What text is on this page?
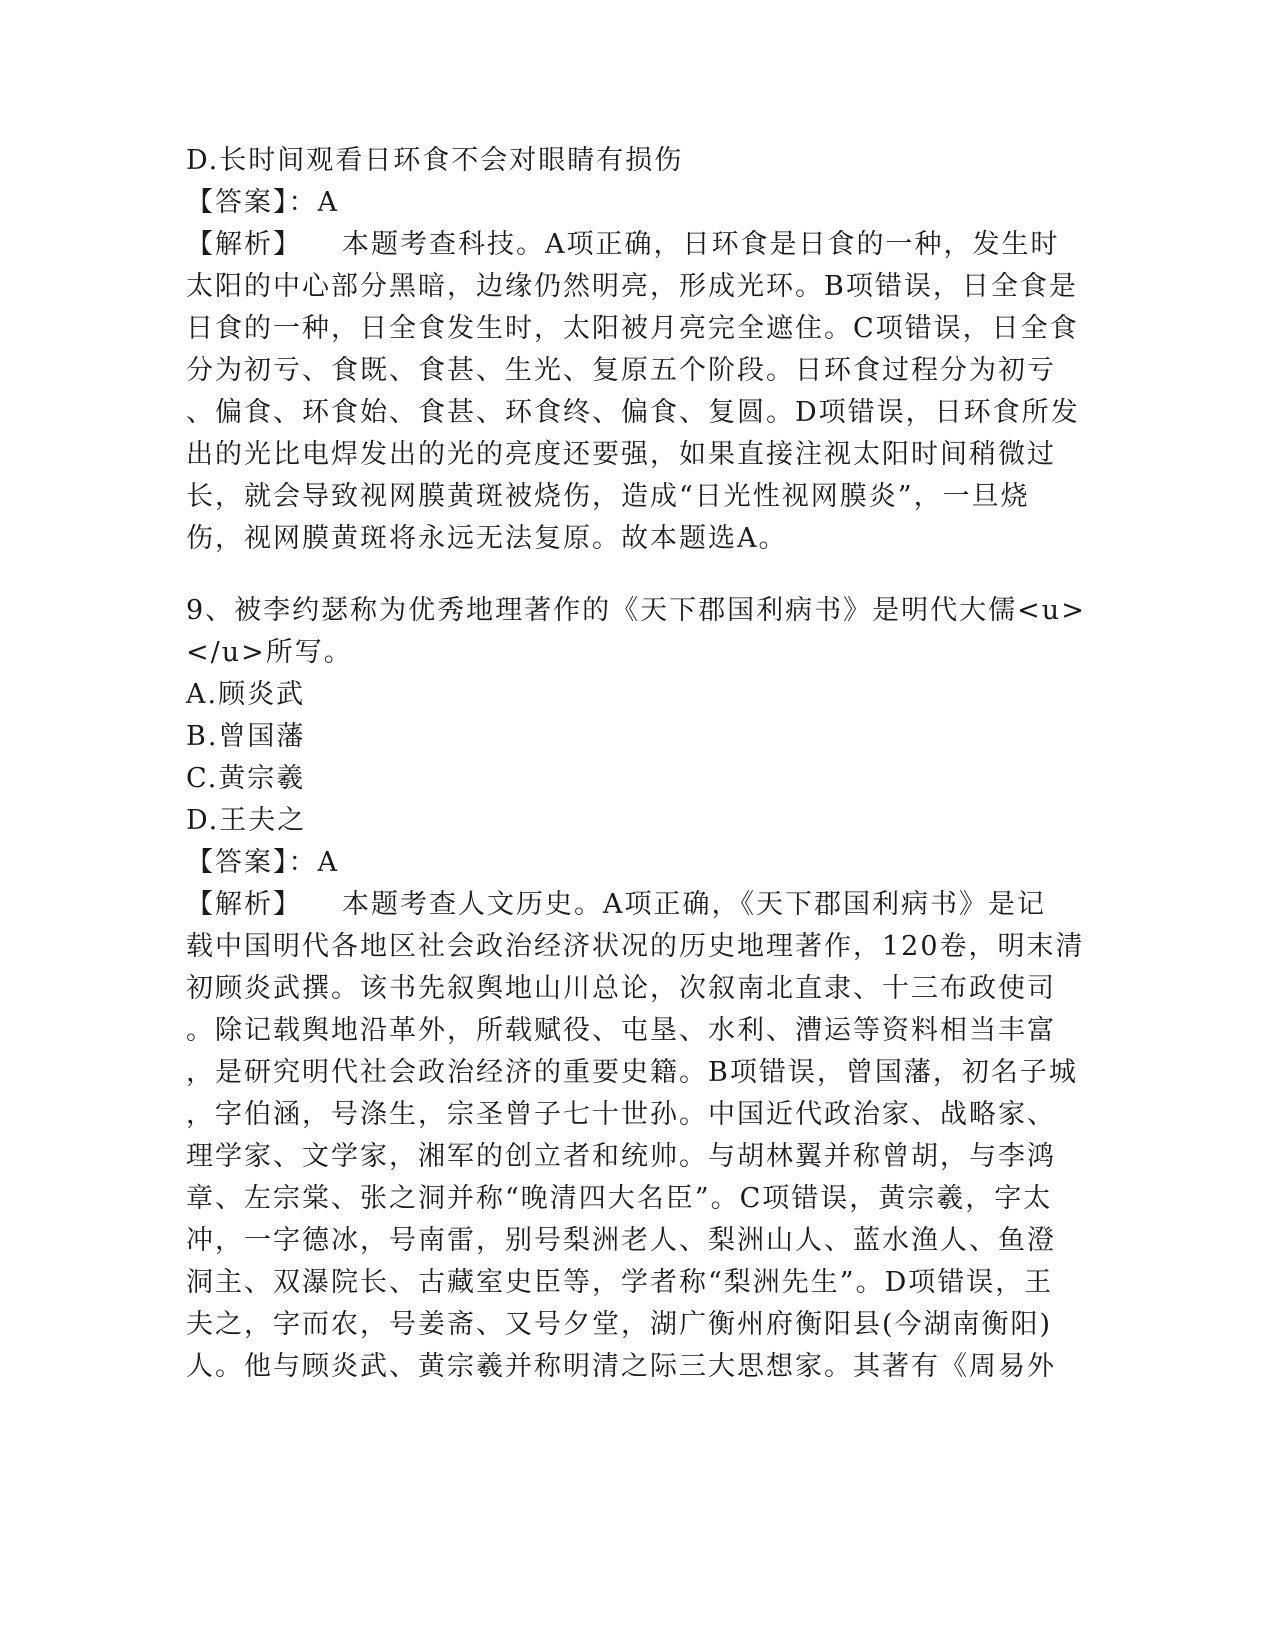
D.长时间观看日环食不会对眼睛有损伤
【答案】：A
【解析】 本题考查科技。A项正确，日环食是日食的一种，发生时
太阳的中心部分黑暗，边缘仍然明亮，形成光环。B项错误，日全食是
日食的一种，日全食发生时，太阳被月亮完全遮住。C项错误，日全食
分为初亏、食既、食甚、生光、复原五个阶段。日环食过程分为初亏
、偏食、环食始、食甚、环食终、偏食、复圆。D项错误，日环食所发
出的光比电焊发出的光的亮度还要强，如果直接注视太阳时间稍微过
长，就会导致视网膜黄斑被烧伤，造成“日光性视网膜炎”，一旦烧
伤，视网膜黄斑将永远无法复原。故本题选A。
9、被李约瑟称为优秀地理著作的《天下郡国利病书》是明代大儒<u>
</u>所写。
A.顾炎武
B.曾国藩
C.黄宗羲
D.王夫之
【答案】：A
【解析】 本题考查人文历史。A项正确，《天下郡国利病书》是记
载中国明代各地区社会政治经济状况的历史地理著作，120卷，明末清
初顾炎武撰。该书先叙舆地山川总论，次叙南北直隶、十三布政使司
。除记载舆地沿革外，所载赋役、屯垦、水利、漕运等资料相当丰富
，是研究明代社会政治经济的重要史籍。B项错误，曾国藩，初名子城
，字伯涵，号涤生，宗圣曾子七十世孙。中国近代政治家、战略家、
理学家、文学家，湘军的创立者和统帅。与胡林翼并称曾胡，与李鸿
章、左宗棠、张之洞并称“晚清四大名臣”。C项错误，黄宗羲，字太
冲，一字德冰，号南雷，别号梨洲老人、梨洲山人、蓝水渔人、鱼澄
洞主、双瀑院长、古藏室史臣等，学者称“梨洲先生”。D项错误，王
夫之，字而农，号姜斋、又号夕堂，湖广衡州府衡阳县(今湖南衡阳)
人。他与顾炎武、黄宗羲并称明清之际三大思想家。其著有《周易外
